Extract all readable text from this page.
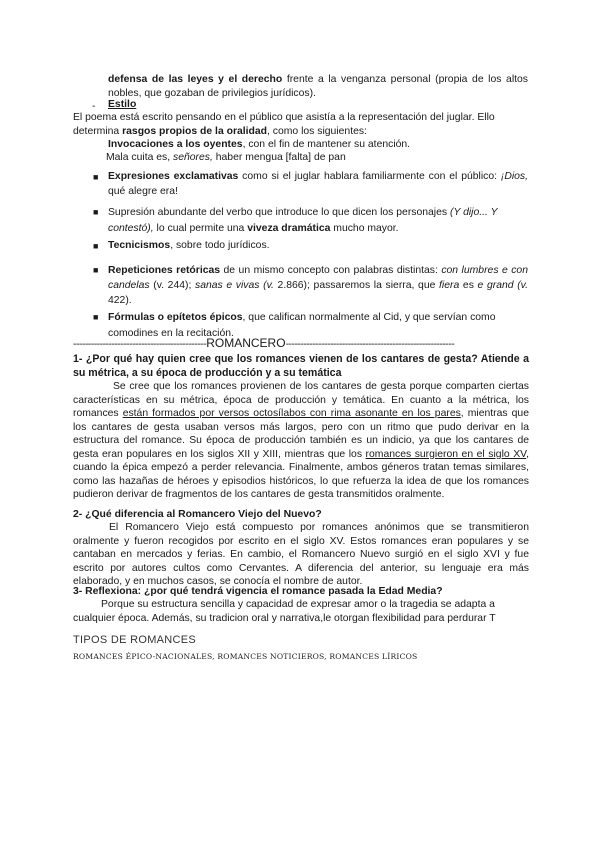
defensa de las leyes y el derecho frente a la venganza personal (propia de los altos nobles, que gozaban de privilegios jurídicos).

- Estilo

El poema está escrito pensando en el público que asistía a la representación del juglar. Ello determina rasgos propios de la oralidad, como los siguientes:

Invocaciones a los oyentes, con el fin de mantener su atención.

Mala cuita es, señores, haber mengua [falta] de pan

■ Expresiones exclamativas como si el juglar hablara familiarmente con el público: ¡Dios, qué alegre era!
■ Supresión abundante del verbo que introduce lo que dicen los personajes (Y dijo... Y contestó), lo cual permite una viveza dramática mucho mayor.
■ Tecnicismos, sobre todo jurídicos.
■ Repeticiones retóricas de un mismo concepto con palabras distintas: con lumbres e con candelas (v. 244); sanas e vivas (v. 2.866); passaremos la sierra, que fiera es e grand (v. 422).
■ Fórmulas o epítetos épicos, que califican normalmente al Cid, y que servían como comodines en la recitación.
---------------------------------------------ROMANCERO---------------------------------------------------------

1- ¿Por qué hay quien cree que los romances vienen de los cantares de gesta? Atiende a su métrica, a su época de producción y a su temática

Se cree que los romances provienen de los cantares de gesta porque comparten ciertas características en su métrica, época de producción y temática. En cuanto a la métrica, los romances están formados por versos octosílabos con rima asonante en los pares, mientras que los cantares de gesta usaban versos más largos, pero con un ritmo que pudo derivar en la estructura del romance. Su época de producción también es un indicio, ya que los cantares de gesta eran populares en los siglos XII y XIII, mientras que los romances surgieron en el siglo XV, cuando la épica empezó a perder relevancia. Finalmente, ambos géneros tratan temas similares, como las hazañas de héroes y episodios históricos, lo que refuerza la idea de que los romances pudieron derivar de fragmentos de los cantares de gesta transmitidos oralmente.

2- ¿Qué diferencia al Romancero Viejo del Nuevo?

El Romancero Viejo está compuesto por romances anónimos que se transmitieron oralmente y fueron recogidos por escrito en el siglo XV. Estos romances eran populares y se cantaban en mercados y ferias. En cambio, el Romancero Nuevo surgió en el siglo XVI y fue escrito por autores cultos como Cervantes. A diferencia del anterior, su lenguaje era más elaborado, y en muchos casos, se conocía el nombre de autor.

3- Reflexiona: ¿por qué tendrá vigencia el romance pasada la Edad Media?

Porque su estructura sencilla y capacidad de expresar amor o la tragedia se adapta a cualquier época. Además, su tradicion oral y narrativa,le otorgan flexibilidad para perdurar T

TIPOS DE ROMANCES

ROMANCES ÉPICO-NACIONALES, ROMANCES NOTICIEROS, ROMANCES LÍRICOS
